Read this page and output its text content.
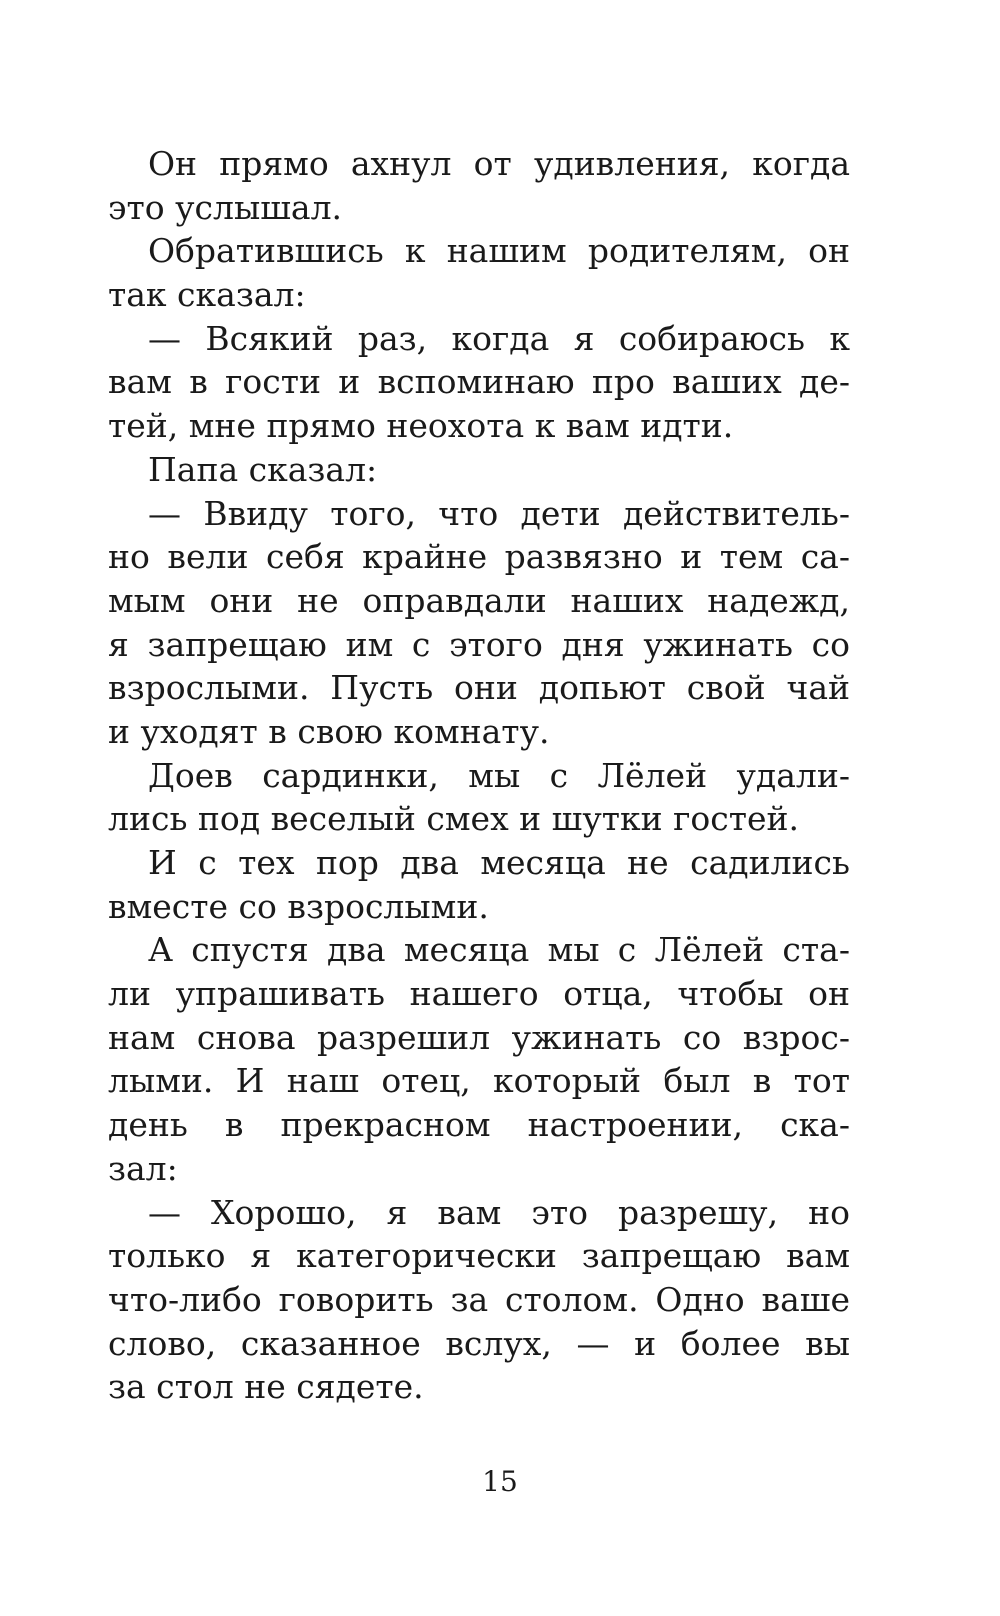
Он прямо ахнул от удивления, когда
это услышал.
Обратившись к нашим родителям, он
так сказал:
— Всякий раз, когда я собираюсь к
вам в гости и вспоминаю про ваших де-
тей, мне прямо неохота к вам идти.
Папа сказал:
— Ввиду того, что дети действитель-
но вели себя крайне развязно и тем са-
мым они не оправдали наших надежд,
я запрещаю им с этого дня ужинать со
взрослыми. Пусть они допьют свой чай
и уходят в свою комнату.
Доев сардинки, мы с Лёлей удали-
лись под веселый смех и шутки гостей.
И с тех пор два месяца не садились
вместе со взрослыми.
А спустя два месяца мы с Лёлей ста-
ли упрашивать нашего отца, чтобы он
нам снова разрешил ужинать со взрос-
лыми. И наш отец, который был в тот
день в прекрасном настроении, ска-
зал:
— Хорошо, я вам это разрешу, но
только я категорически запрещаю вам
что-либо говорить за столом. Одно ваше
слово, сказанное вслух, — и более вы
за стол не сядете.
15
